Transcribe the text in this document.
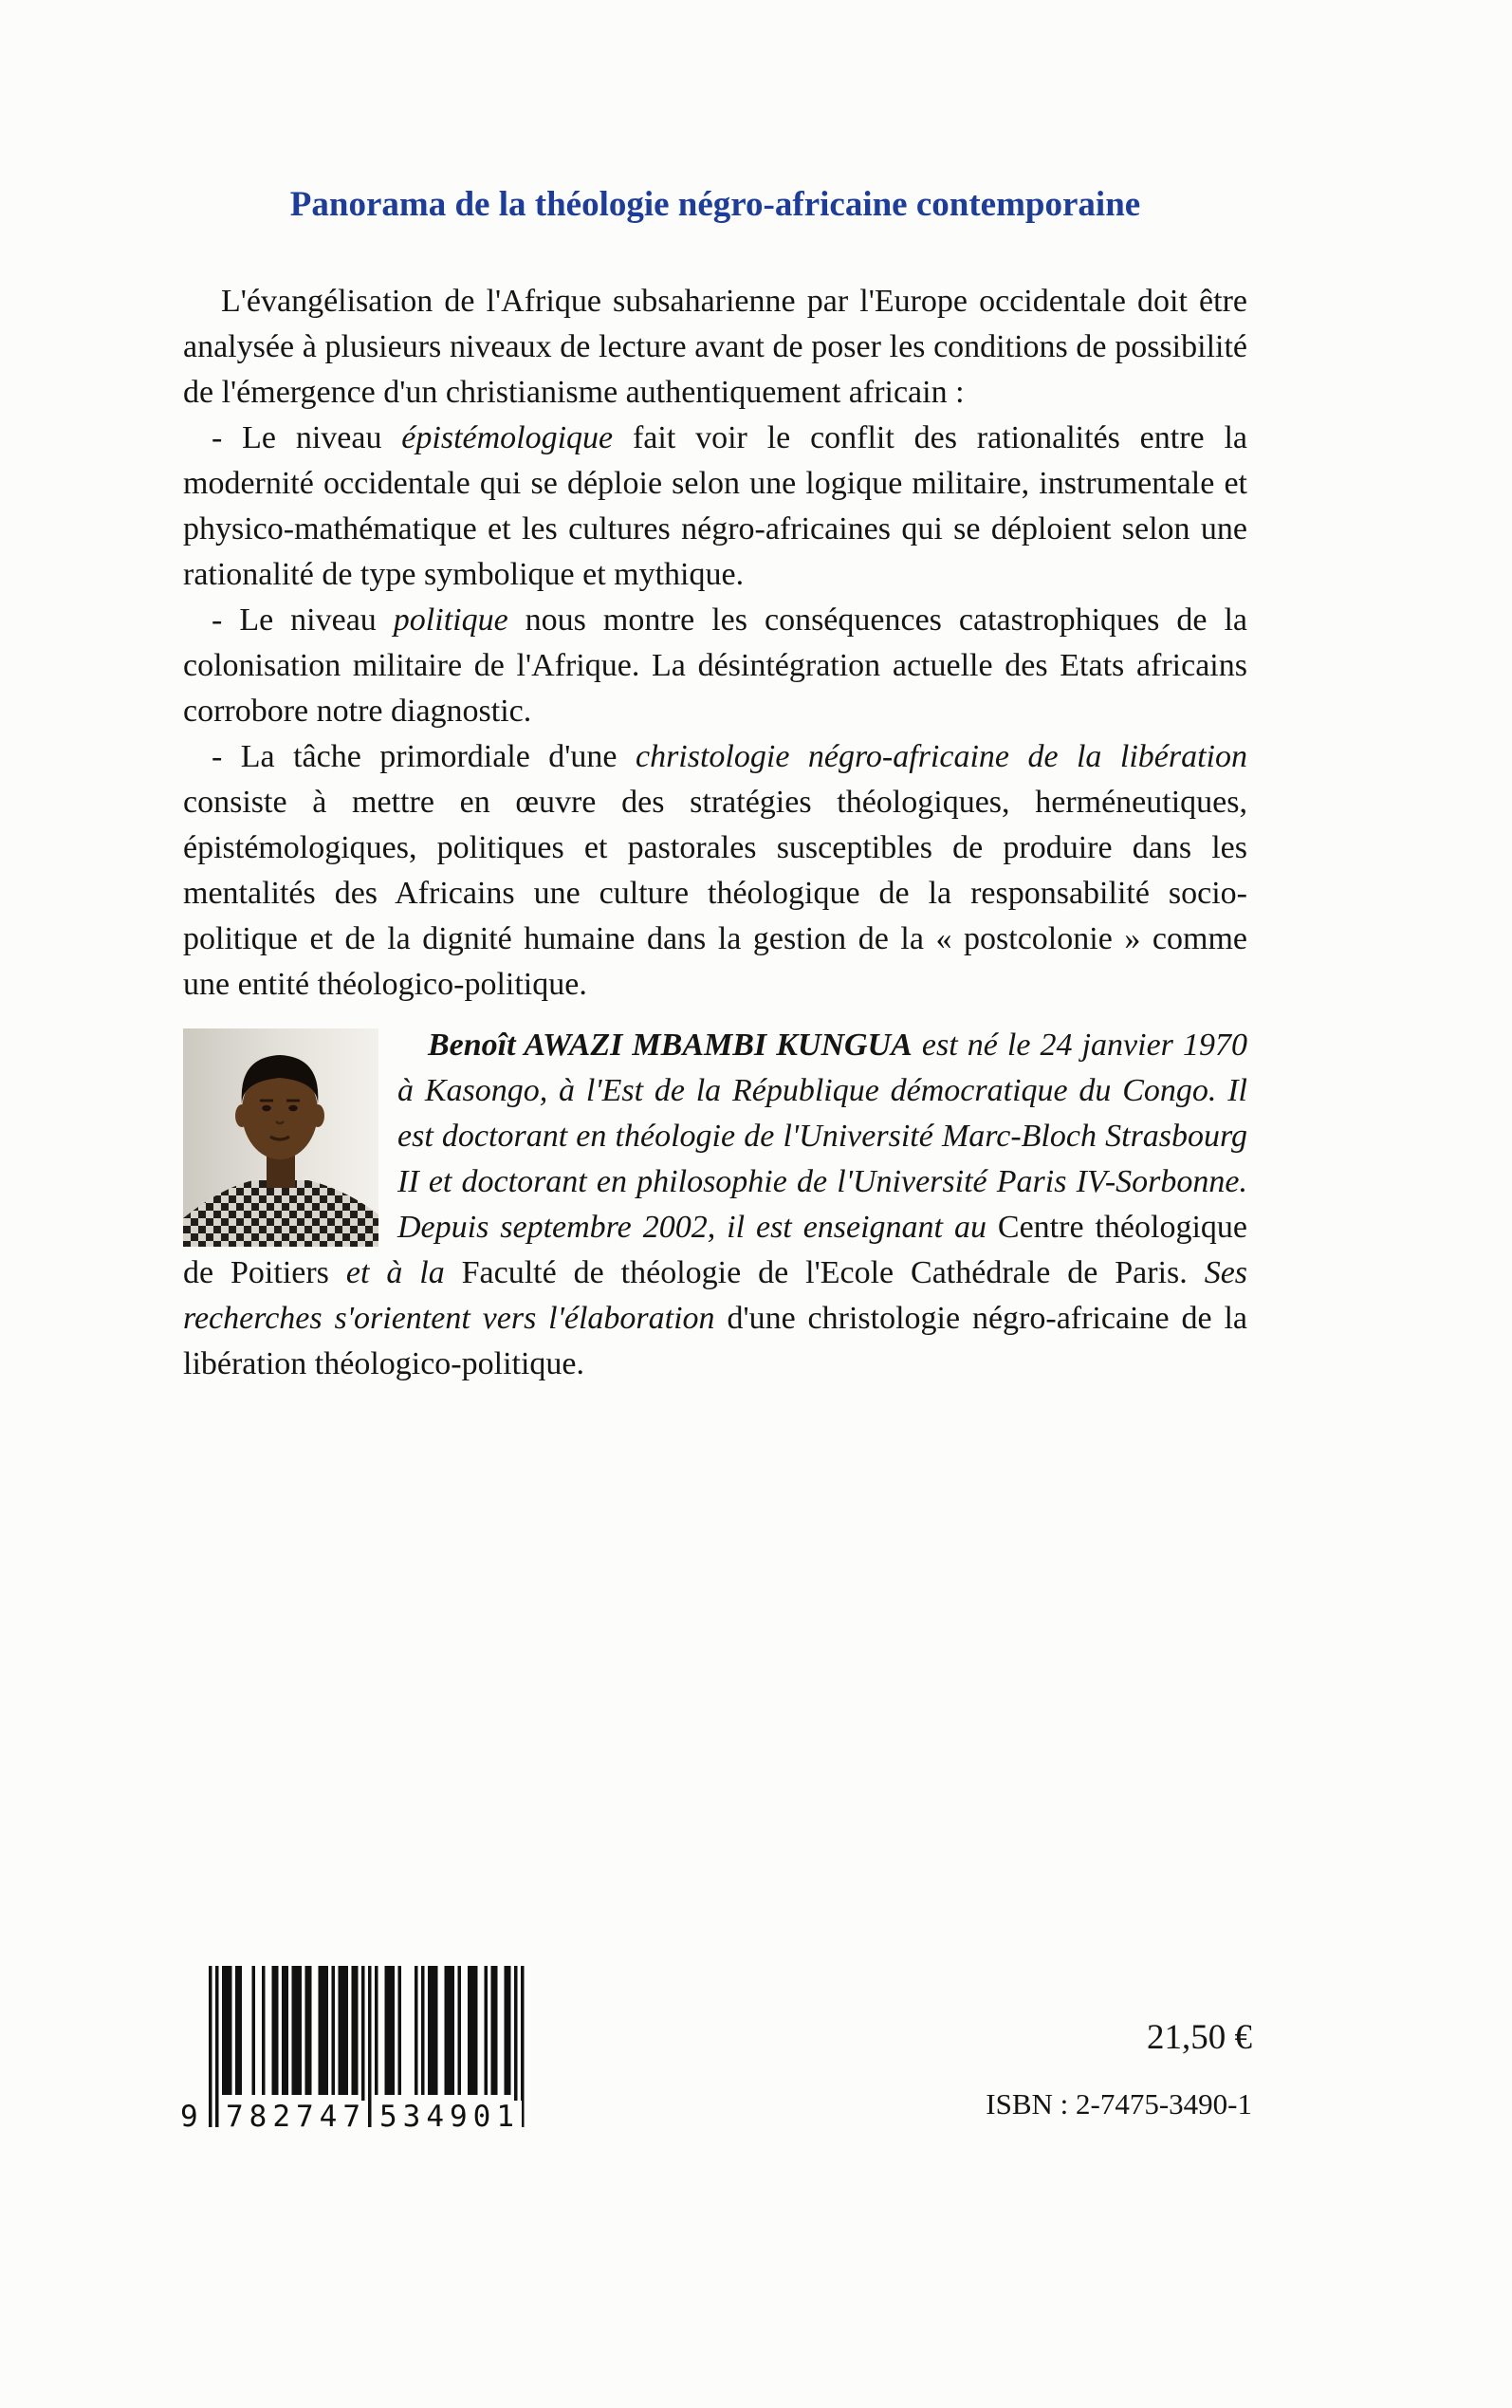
Panorama de la théologie négro-africaine contemporaine

L'évangélisation de l'Afrique subsaharienne par l'Europe occidentale doit être analysée à plusieurs niveaux de lecture avant de poser les conditions de possibilité de l'émergence d'un christianisme authentiquement africain :

- Le niveau épistémologique fait voir le conflit des rationalités entre la modernité occidentale qui se déploie selon une logique militaire, instrumentale et physico-mathématique et les cultures négro-africaines qui se déploient selon une rationalité de type symbolique et mythique.

- Le niveau politique nous montre les conséquences catastrophiques de la colonisation militaire de l'Afrique. La désintégration actuelle des Etats africains corrobore notre diagnostic.

- La tâche primordiale d'une christologie négro-africaine de la libération consiste à mettre en œuvre des stratégies théologiques, herméneutiques, épistémologiques, politiques et pastorales susceptibles de produire dans les mentalités des Africains une culture théologique de la responsabilité socio-politique et de la dignité humaine dans la gestion de la « postcolonie » comme une entité théologico-politique.

Benoît AWAZI MBAMBI KUNGUA est né le 24 janvier 1970 à Kasongo, à l'Est de la République démocratique du Congo. Il est doctorant en théologie de l'Université Marc-Bloch Strasbourg II et doctorant en philosophie de l'Université Paris IV-Sorbonne. Depuis septembre 2002, il est enseignant au Centre théologique de Poitiers et à la Faculté de théologie de l'Ecole Cathédrale de Paris. Ses recherches s'orientent vers l'élaboration d'une christologie négro-africaine de la libération théologico-politique.

9 782747 534901
21,50 €
ISBN : 2-7475-3490-1
